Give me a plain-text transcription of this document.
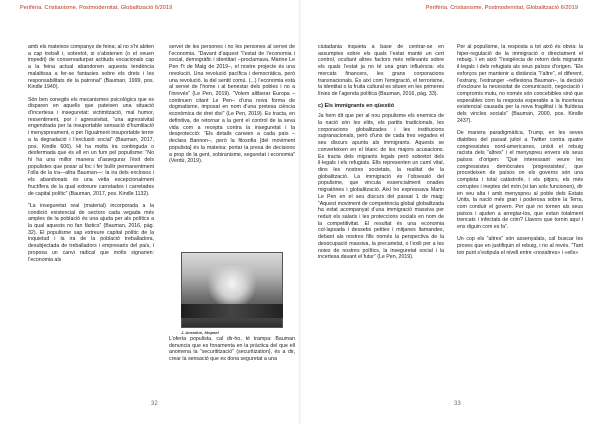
Perifèria. Cristianisme, Postmodernitat, Globalització 6/2019	Perifèria. Cristianisme, Postmodernitat, Globalització 6/2019

amb els mateixos companys de feina; al no s’hi abiten a cap treball i, sobretot, si s’abstenen (o el veuen impedit) de conservadurpar actituds vocacionals cap a la feina actual abandonen aquesta tendència malaltissa a fer-se fantasies sobre els drets i les responsabilitats de la patronal” (Bauman, 1999, pos. Kindle 1940).

Són ben conegits els mecanismes psicològics que es disparen en aquells que pateixen una situació d’incertesa i inseguretat: victimització, mal humor, ressentiment, por i agressivitat, “una agressivitat engendrada per la insuportable sensació d’humiliació i menyspreament, o per l’igualment insuportable terror a la degradació i l’exclusió social” (Bauman, 2017, pos. Kindle 606). Hi ha molta ira continguda o desfermada que és ell en un fum pel populisme: “No hi ha una millor manera d’assegurar l’èxit dels populistes que posar al foc i fer bullir permanentment l’olla de la ira—altra Bauman—: la ira dels exclosos i els abandonats és una vetla excepcionalment fructífera de la qual extreure carretades i carretades de capital polític” (Bauman, 2017, pos. Kindle 1132).

“La inseguretat real (material) incorporada a la condició existencial de sectors cada vegada més amples de la població és una ajuda per als polítics a la qual aquests no fan fàstics” (Bauman, 2016, pàg. 32). El populisme sap extreure capital polític de la inquietud i la ira de la població treballadora, desubjectada de treballadors i empresaris del país, i proposa un canvi radical que molts signarien: l’economia als

servei de les persones i no les persones al servei de l’economia. “Davant d’aquest “l’estat de l’economia i social, demogràfic i identitari –proclamava, Marine Le Pen f’t de Maig de 2019–, el nostre projecte és una revolució. Una revolució pacífica i democràtica, però una revolució, la del sentit comú. (...) l’economia està al servei de l’home i al benestar dels pobles i no a l’inrevés” (Le Pen, 2019). “Volem alliberar Europa – continuen citant Le Pen– d’una nova forma de dogmatisme, imposat en nom d’una pretesa ciència econòmica de dret diví” (Le Pen, 2019). Es tracta, en definitiva, de retornar a la gent el control de la seva vida com a recepta contra la inseguretat i la desprotecció: “Els details canvien a cada país –declara Bannon–, però la filosofia [del moviment populista] és la mateixa: portar la presa de decisions a prop de la gent, sobiranisme, seguretat i economia” (Verdú, 2019).

L’oferta populista, cal dir-ho, té trampa: Bauman denuncia que es fonamenta en la pràctica del que ell anomena la “securitització” (securitization), és a dir, crear la sensació que es dona seguretat a una

J. Anceilus, Stopset

ciutadania inquieta a base de centrar-se en assumptes sobre els quals l’estat manté un cert control, ocultant altres factors més rellevants sobre els quals l’estat ja no té una gran influència: els mercats financers, les grans corporacions transnacionals. És així com l’emigració, el terrorisme, la identitat o la fruita cultural es situen en les primeres línies de l’agenda política (Bauman, 2016, pàg. 33).

c) Els immigrants en qüestió

Ja hem dit que per al nou populisme els enemics de la nació són les elits, els partits tradicionals, les corporacions globalitzades i les institucions supranacionals, però d’uns de cada tres vegades el seu discurs apunta als immigrants. Aquests se converteixen en el blanc de les majors acusacions. Es tracta dels migrants legals però sobretot dels il·legals i els refugiats. Ells representen un camí vital, dins les nostres societats, la realitat de la globalització. La immigració és l’obsessió del populisme, que vincula essencialment onades migratòries i globalització. Així ho expressava Marin Le Pen en el seu discurs del passat 1 de maig: “Aquest moviment de competència global globalitzada ha estat acompanyat d’una immigració massiva per reduir els salaris i les proteccions socials en nom de la competitivitat. El resultat és una economia col·lapsada i dessebs petites i mitjanes llamandes, debant als nostres fills només la perspectiva de la desocupació massiva, la precarietat, o l’exili per a les noies de nostres polítics, la inseguretat social i la incertesa davant el futur” (Le Pen, 2019).

Per al populisme, la resposta a tot això és obvia: la hiper-regulació de la immigració o directament el rebuig. I en això “l’exigència de retorn dels migrants il·legals i dels refugiats als seus països d’origen. “Els esforços per mantenir a distància “l’altre”, el diferent, l’estrany, l’estranger –reflexiona Bauman–, la decisió d’excloure la necessitat de comunicació, negociació i compromís mutu, no només són concebibles sinó que esperables com la resposta esperable a la incertesa existencial causada per la nova fragilitat i la fluïdesa dels vincles socials” (Bauman, 2000, pos. Kindle 2437).

De manera paradigmàtica, Trump, en les seves diatribes del passat juliol a Twitter contra quatre congressistes nord-americanes, unixit el rebuig racista dels “altres” i el menyspreu envers els seus països d’origen: “Què interessant veure les congressistes demòcrates ‘progressistes’, que procedeixen de països on els governs són una completa i total catàstrofe, i els pitjors, els més corruptes i ineptes del món (si tan sols funcionen), dir en veu alta i amb menyspreu al poble dels Estats Units, la nació més gran i poderosa sobre la Terra, com conduir el govern. Per què no tornen als seus països i ajuden a arreglar-los, que estan totalment trencats i infectats de crim? Llavors que tornin aquí i ens diguin com es fa”.

Un cop els “altres” són assenyalats, cal buscar les proves que en justifiquin el rebuig, i no al revés. “Tant ton punt s’estipula el nivell entre «nosaltres» i «ells»

32	33
